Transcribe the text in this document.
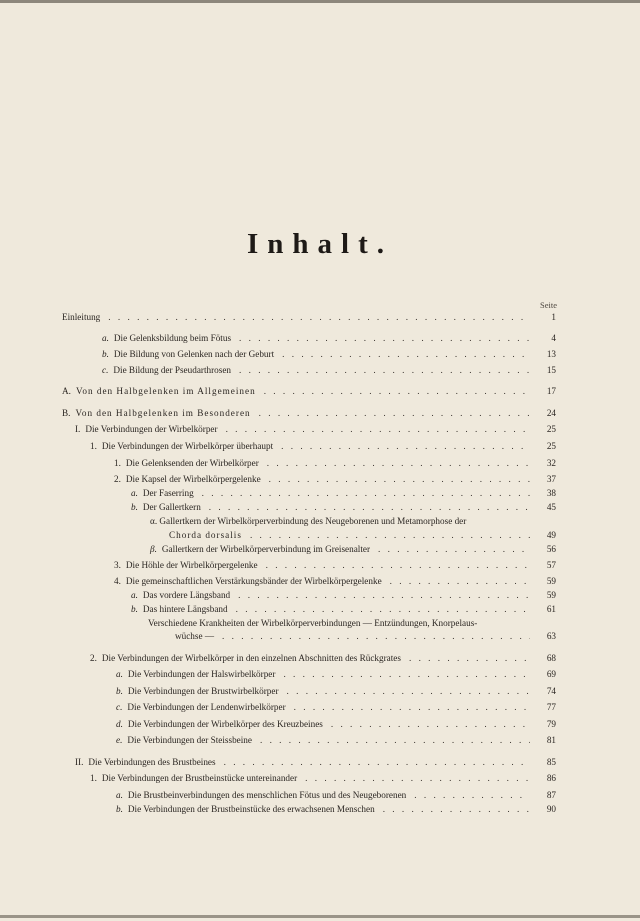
Inhalt.
Seite
Einleitung . . .	1
a. Die Gelenksbildung beim Fötus . . .	4
b. Die Bildung von Gelenken nach der Geburt . . .	13
c. Die Bildung der Pseudarthrosen . . .	15
A. Von den Halbgelenken im Allgemeinen . . .	17
B. Von den Halbgelenken im Besonderen . . .	24
I. Die Verbindungen der Wirbelkörper . . .	25
1. Die Verbindungen der Wirbelkörper überhaupt . . .	25
1. Die Gelenksenden der Wirbelkörper . . .	32
2. Die Kapsel der Wirbelkörpergelenke . . .	37
a. Der Faserring . . .	38
b. Der Gallertkern . . .	45
α. Gallertkern der Wirbelkörperverbindung des Neugeborenen und Metamorphose der
Chorda dorsalis . . .	49
β. Gallertkern der Wirbelkörperverbindung im Greisenalter . . .	56
3. Die Höhle der Wirbelkörpergelenke . . .	57
4. Die gemeinschaftlichen Verstärkungsbänder der Wirbelkörpergelenke . . .	59
a. Das vordere Längsband . . .	59
b. Das hintere Längsband . . .	61
Verschiedene Krankheiten der Wirbelkörperverbindungen — Entzündungen, Knorpelaus-
wüchse — . . .	63
2. Die Verbindungen der Wirbelkörper in den einzelnen Abschnitten des Rückgrates . . .	68
a. Die Verbindungen der Halswirbelkörper . . .	69
b. Die Verbindungen der Brustwirbelkörper . . .	74
c. Die Verbindungen der Lendenwirbelkörper . . .	77
d. Die Verbindungen der Wirbelkörper des Kreuzbeines . . .	79
e. Die Verbindungen der Steissbeine . . .	81
II. Die Verbindungen des Brustbeines . . .	85
1. Die Verbindungen der Brustbeinstücke untereinander . . .	86
a. Die Brustbeinverbindungen des menschlichen Fötus und des Neugeborenen . . .	87
b. Die Verbindungen der Brustbeinstücke des erwachsenen Menschen . . .	90
